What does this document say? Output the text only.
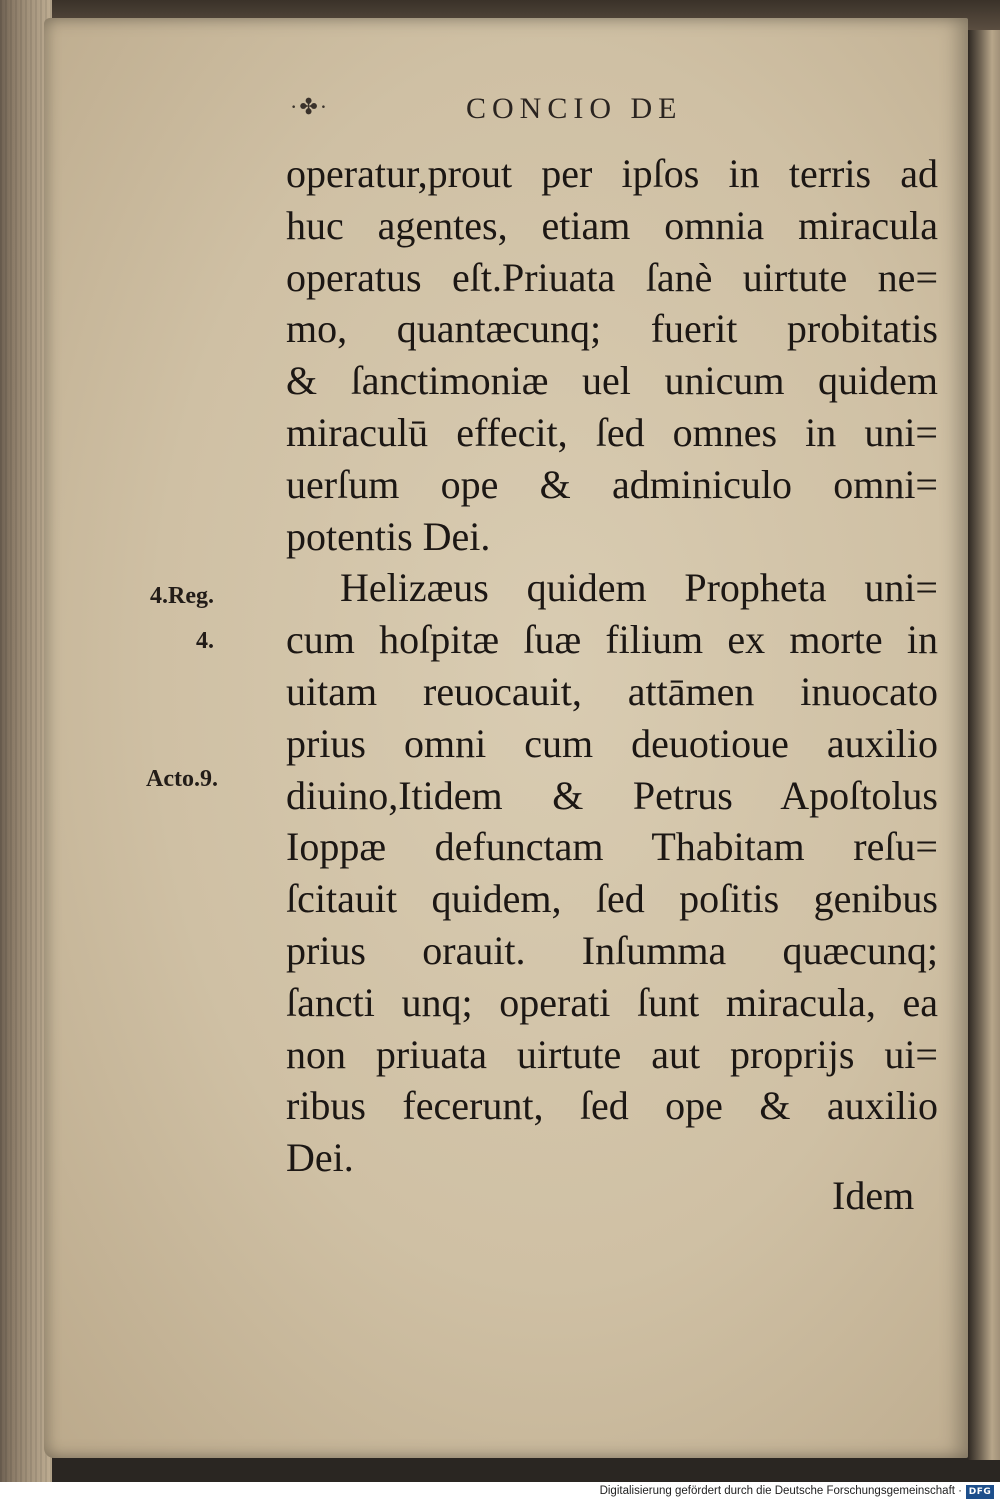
·✤·	CONCIO DE
operatur,prout per ipſos in terris ad
huc agentes, etiam omnia miracula
operatus eſt.Priuata ſanè uirtute ne=
mo, quantæcunq; fuerit probitatis
& ſanctimoniæ uel unicum quidem
miraculū effecit, ſed omnes in uni=
uerſum ope & adminiculo omni=
potentis Dei.
Helizæus quidem Propheta uni=
cum hoſpitæ ſuæ filium ex morte in
uitam reuocauit, attāmen inuocato
prius omni cum deuotioue auxilio
diuino,Itidem & Petrus Apoſtolus
Ioppæ defunctam Thabitam reſu=
ſcitauit quidem, ſed poſitis genibus
prius orauit. Inſumma quæcunq;
ſancti unq; operati ſunt miracula, ea
non priuata uirtute aut proprijs ui=
ribus fecerunt, ſed ope & auxilio
Dei.
4.Reg.
4.
Acto.9.
Idem
Digitalisierung gefördert durch die Deutsche Forschungsgemeinschaft · DFG
